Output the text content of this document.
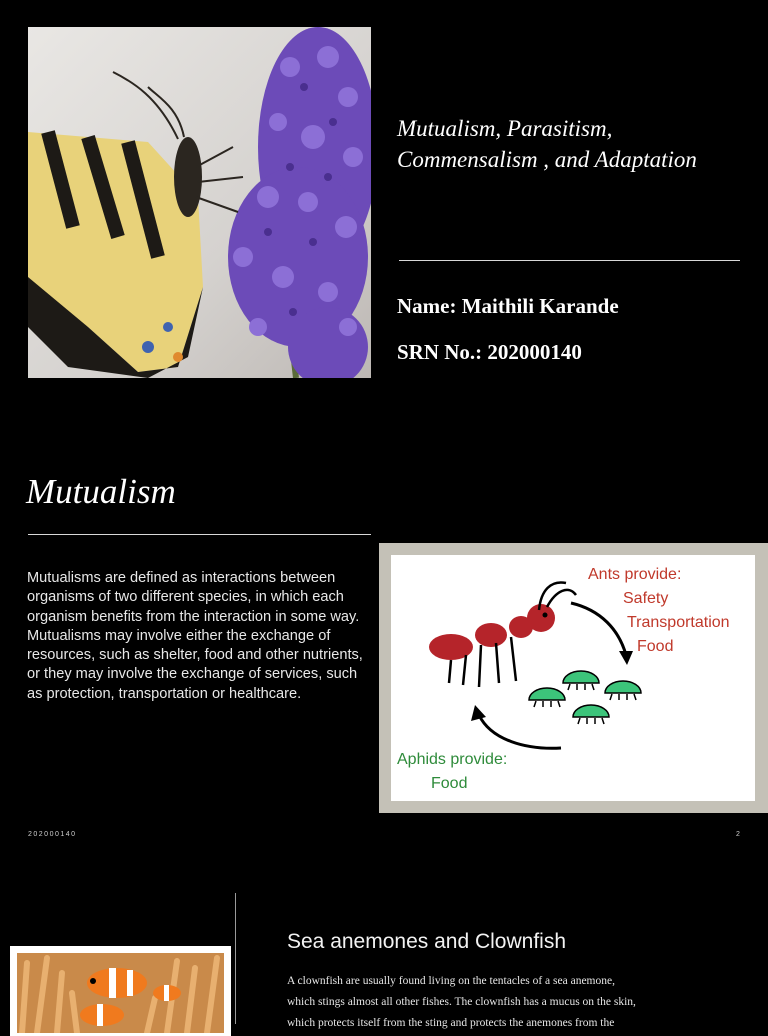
Mutualism, Parasitism,
Commensalism , and Adaptation
Name: Maithili Karande
SRN No.: 202000140
Mutualism
Mutualisms are defined as interactions between organisms of two different species, in which each organism benefits from the interaction in some way. Mutualisms may involve either the exchange of resources, such as shelter, food and other nutrients, or they may involve the exchange of services, such as protection, transportation or healthcare.
Ants provide:
Safety
Transportation
Food
Aphids provide:
Food
202000140	2
Sea anemones and Clownfish
A clownfish are usually found living on the tentacles of a sea anemone,
which stings almost all other fishes. The clownfish has a mucus on the skin,
which protects itself from the sting and protects the anemones from the
